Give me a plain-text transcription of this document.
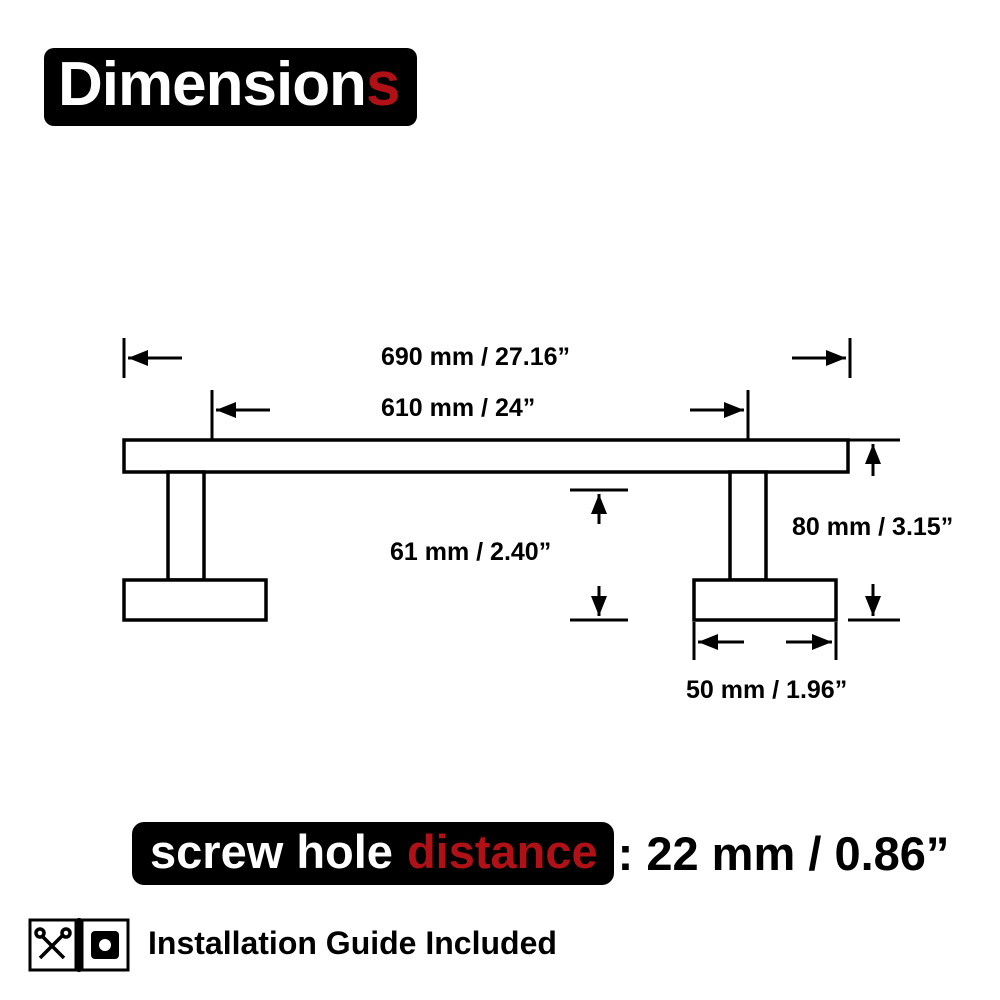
Dimension s
690 mm / 27.16”
610 mm / 24”
61 mm / 2.40”
80 mm / 3.15”
50 mm / 1.96”
screw hole distance : 22 mm / 0.86”
Installation Guide Included
